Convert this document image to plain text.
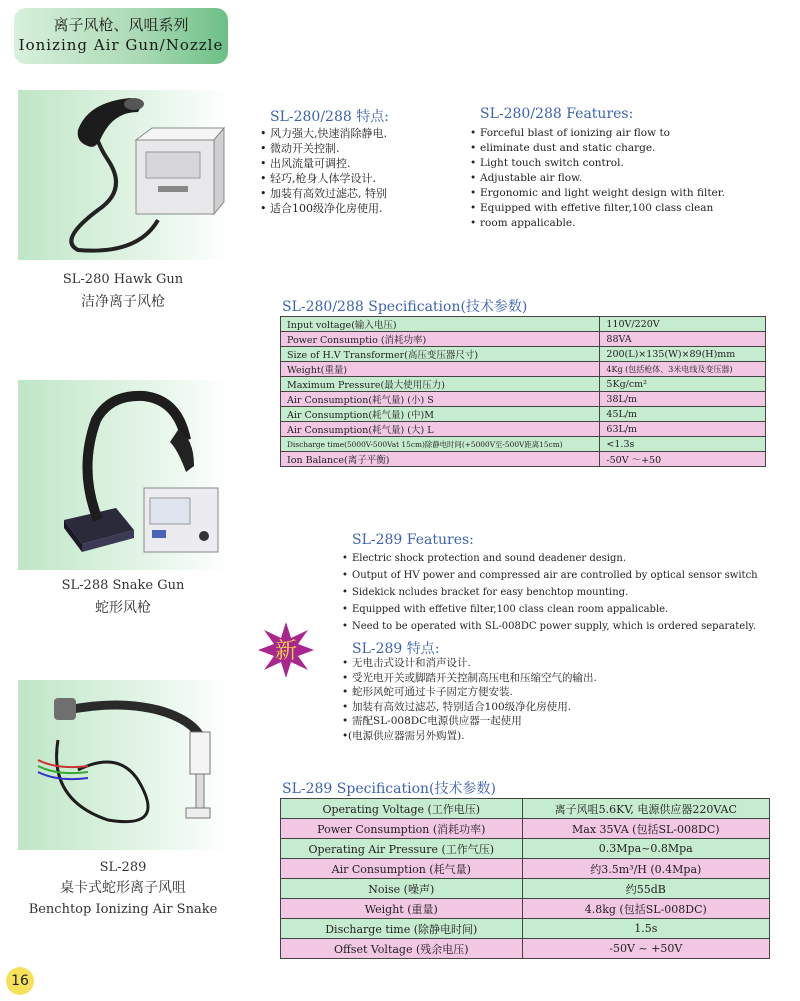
离子风枪、风咀系列
Ionizing Air Gun/Nozzle
SL-280 Hawk Gun
洁净离子风枪
SL-280/288 特点:
• 风力强大,快速消除静电.
• 微动开关控制.
• 出风流量可调控.
• 轻巧,枪身人体学设计.
• 加装有高效过滤芯, 特别
• 适合100级净化房使用.
SL-280/288 Features:
• Forceful blast of ionizing air flow to
• eliminate dust and static charge.
• Light touch switch control.
• Adjustable air flow.
• Ergonomic and light weight design with filter.
• Equipped with effetive filter,100 class clean
• room appalicable.
SL-280/288 Specification(技术参数)
Input voltage(输入电压)	110V/220V
Power Consumptio (消耗功率)	88VA
Size of H.V Transformer(高压变压器尺寸)	200(L)×135(W)×89(H)mm
Weight(重量)	4Kg (包括枪体、3米电线及变压器)
Maximum Pressure(最大使用压力)	5Kg/cm²
Air Consumption(耗气量) (小) S	38L/m
Air Consumption(耗气量) (中)M	45L/m
Air Consumption(耗气量) (大) L	63L/m
Discharge time(5000V-500Vat 15cm)除静电时间(+5000V至-500V距离15cm)	<1.3s
Ion Balance(离子平衡)	-50V ～+50
SL-288 Snake Gun
蛇形风枪
新
SL-289 Features:
• Electric shock protection and sound deadener design.
• Output of HV power and compressed air are controlled by optical sensor switch
• Sidekick ncludes bracket for easy benchtop mounting.
• Equipped with effetive filter,100 class clean room appalicable.
• Need to be operated with SL-008DC power supply, which is ordered separately.
SL-289 特点:
• 无电击式设计和消声设计.
• 受光电开关或脚踏开关控制高压电和压缩空气的输出.
• 蛇形风蛇可通过卡子固定方便安装.
• 加装有高效过滤芯, 特别适合100级净化房使用.
• 需配SL-008DC电源供应器一起使用
• (电源供应器需另外购置).
SL-289
桌卡式蛇形离子风咀
Benchtop Ionizing Air Snake
SL-289 Specification(技术参数)
Operating Voltage (工作电压)	离子风咀5.6KV, 电源供应器220VAC
Power Consumption (消耗功率)	Max 35VA (包括SL-008DC)
Operating Air Pressure (工作气压)	0.3Mpa~0.8Mpa
Air Consumption (耗气量)	约3.5m³/H (0.4Mpa)
Noise (噪声)	约55dB
Weight (重量)	4.8kg (包括SL-008DC)
Discharge time (除静电时间)	1.5s
Offset Voltage (残余电压)	-50V ~ +50V
16
